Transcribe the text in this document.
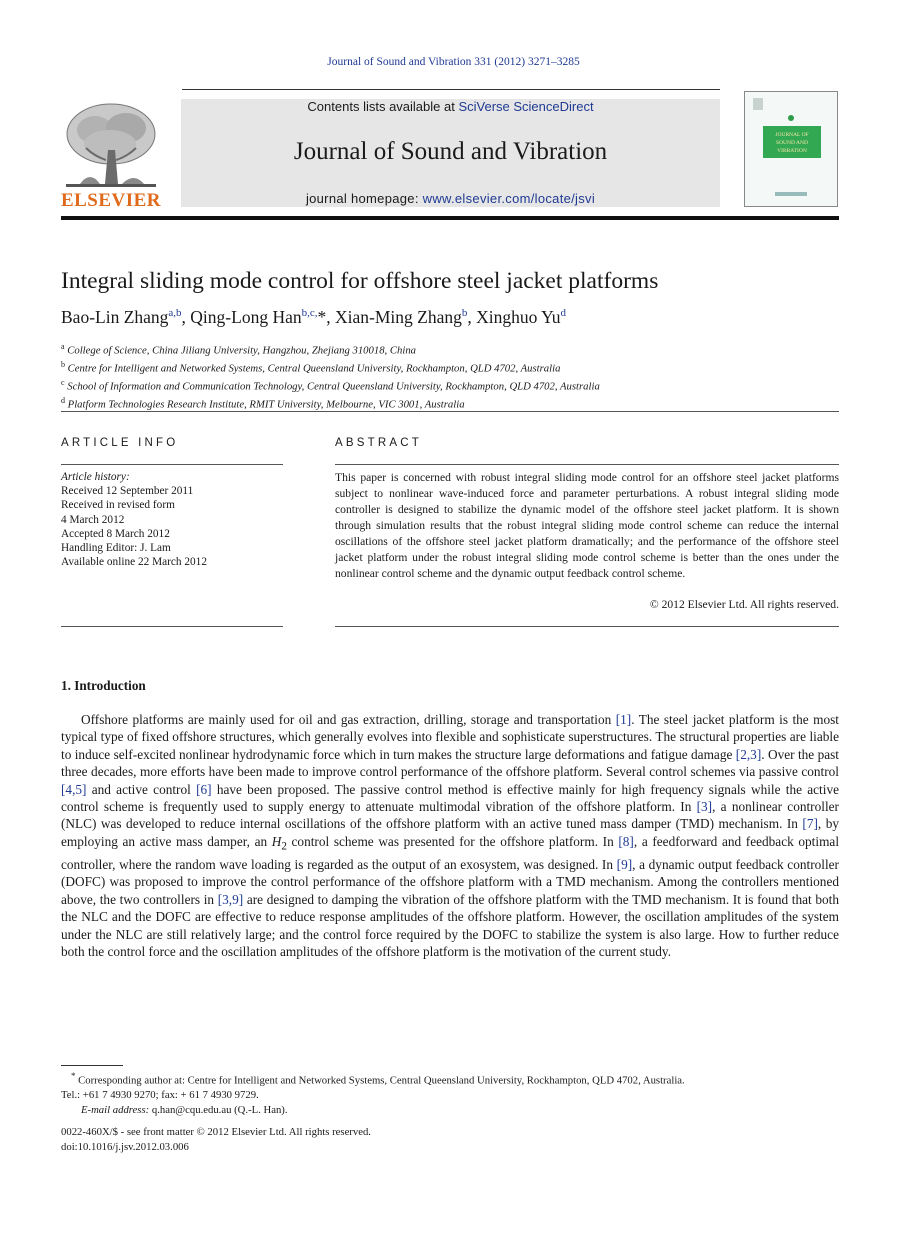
Journal of Sound and Vibration 331 (2012) 3271–3285
ELSEVIER
Contents lists available at SciVerse ScienceDirect
Journal of Sound and Vibration
journal homepage: www.elsevier.com/locate/jsvi
JOURNAL OF
SOUND AND
VIBRATION
Integral sliding mode control for offshore steel jacket platforms
Bao-Lin Zhang$^{a,b}$, Qing-Long Han$^{b,c,}$*, Xian-Ming Zhang$^b$, Xinghuo Yu$^d$
$^a$ College of Science, China Jiliang University, Hangzhou, Zhejiang 310018, China
$^b$ Centre for Intelligent and Networked Systems, Central Queensland University, Rockhampton, QLD 4702, Australia
$^c$ School of Information and Communication Technology, Central Queensland University, Rockhampton, QLD 4702, Australia
$^d$ Platform Technologies Research Institute, RMIT University, Melbourne, VIC 3001, Australia
ARTICLE INFO
Article history:
Received 12 September 2011
Received in revised form
4 March 2012
Accepted 8 March 2012
Handling Editor: J. Lam
Available online 22 March 2012
ABSTRACT
This paper is concerned with robust integral sliding mode control for an offshore steel jacket platforms subject to nonlinear wave-induced force and parameter perturbations. A robust integral sliding mode controller is designed to stabilize the dynamic model of the offshore steel jacket platform. It is shown through simulation results that the robust integral sliding mode control scheme can reduce the internal oscillations of the offshore steel jacket platform dramatically; and the performance of the offshore steel jacket platform under the robust integral sliding mode control scheme is better than the ones under the nonlinear control scheme and the dynamic output feedback control scheme.
© 2012 Elsevier Ltd. All rights reserved.
1. Introduction

Offshore platforms are mainly used for oil and gas extraction, drilling, storage and transportation [1]. The steel jacket platform is the most typical type of fixed offshore structures, which generally evolves into flexible and sophisticate superstructures. The structural properties are liable to induce self-excited nonlinear hydrodynamic force which in turn makes the structure large deformations and fatigue damage [2,3]. Over the past three decades, more efforts have been made to improve control performance of the offshore platform. Several control schemes via passive control [4,5] and active control [6] have been proposed. The passive control method is effective mainly for high frequency signals while the active control scheme is frequently used to supply energy to attenuate multimodal vibration of the offshore platform. In [3], a nonlinear controller (NLC) was developed to reduce internal oscillations of the offshore platform with an active tuned mass damper (TMD) mechanism. In [7], by employing an active mass damper, an $H_2$ control scheme was presented for the offshore platform. In [8], a feedforward and feedback optimal controller, where the random wave loading is regarded as the output of an exosystem, was designed. In [9], a dynamic output feedback controller (DOFC) was proposed to improve the control performance of the offshore platform with a TMD mechanism. Among the controllers mentioned above, the two controllers in [3,9] are designed to damping the vibration of the offshore platform with the TMD mechanism. It is found that both the NLC and the DOFC are effective to reduce response amplitudes of the offshore platform. However, the oscillation amplitudes of the system under the NLC are still relatively large; and the control force required by the DOFC to stabilize the system is also large. How to further reduce both the control force and the oscillation amplitudes of the offshore platform is the motivation of the current study.

* Corresponding author at: Centre for Intelligent and Networked Systems, Central Queensland University, Rockhampton, QLD 4702, Australia.
Tel.: +61 7 4930 9270; fax: + 61 7 4930 9729.
E-mail address: q.han@cqu.edu.au (Q.-L. Han).
0022-460X/$ - see front matter © 2012 Elsevier Ltd. All rights reserved.
doi:10.1016/j.jsv.2012.03.006
